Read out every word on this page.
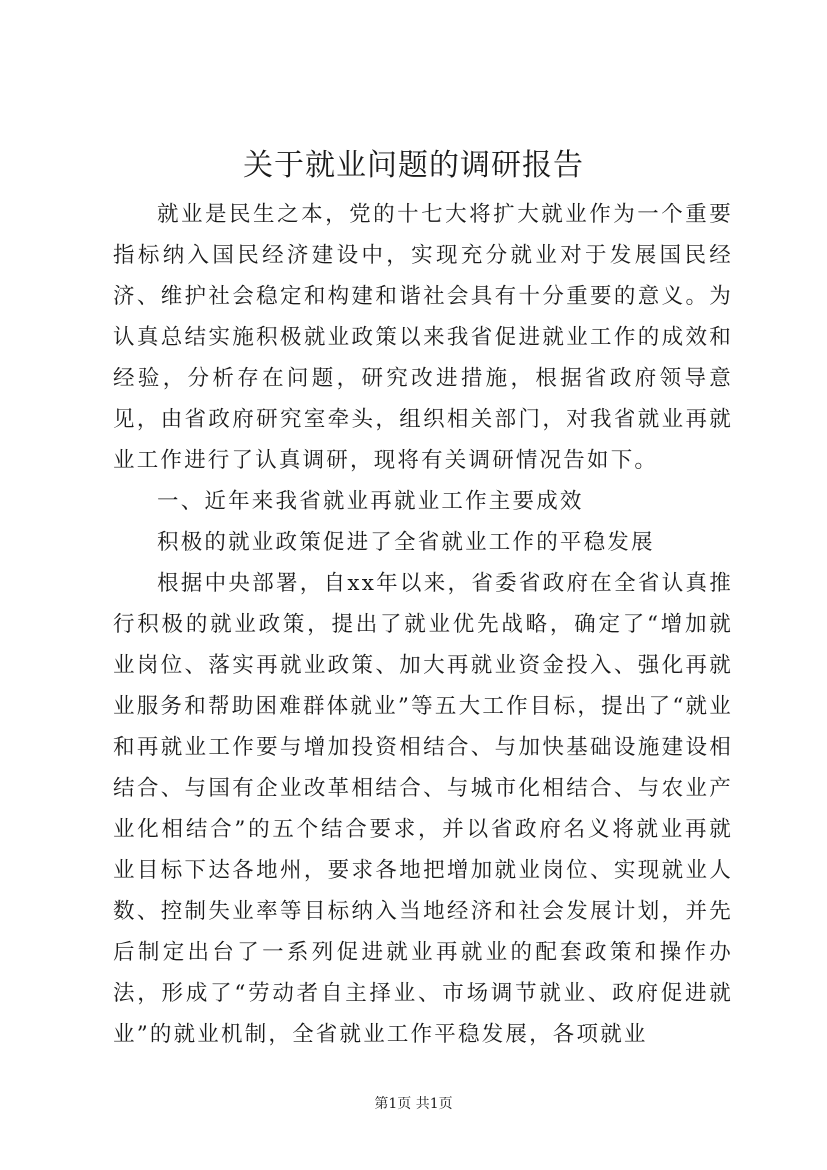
关于就业问题的调研报告

就业是民生之本，党的十七大将扩大就业作为一个重要指标纳入国民经济建设中，实现充分就业对于发展国民经济、维护社会稳定和构建和谐社会具有十分重要的意义。为认真总结实施积极就业政策以来我省促进就业工作的成效和经验，分析存在问题，研究改进措施，根据省政府领导意见，由省政府研究室牵头，组织相关部门，对我省就业再就业工作进行了认真调研，现将有关调研情况告如下。

一、近年来我省就业再就业工作主要成效

积极的就业政策促进了全省就业工作的平稳发展

根据中央部署，自xx年以来，省委省政府在全省认真推行积极的就业政策，提出了就业优先战略，确定了“增加就业岗位、落实再就业政策、加大再就业资金投入、强化再就业服务和帮助困难群体就业”等五大工作目标，提出了“就业和再就业工作要与增加投资相结合、与加快基础设施建设相结合、与国有企业改革相结合、与城市化相结合、与农业产业化相结合”的五个结合要求，并以省政府名义将就业再就业目标下达各地州，要求各地把增加就业岗位、实现就业人数、控制失业率等目标纳入当地经济和社会发展计划，并先后制定出台了一系列促进就业再就业的配套政策和操作办法，形成了“劳动者自主择业、市场调节就业、政府促进就业”的就业机制，全省就业工作平稳发展，各项就业

第1页 共1页
